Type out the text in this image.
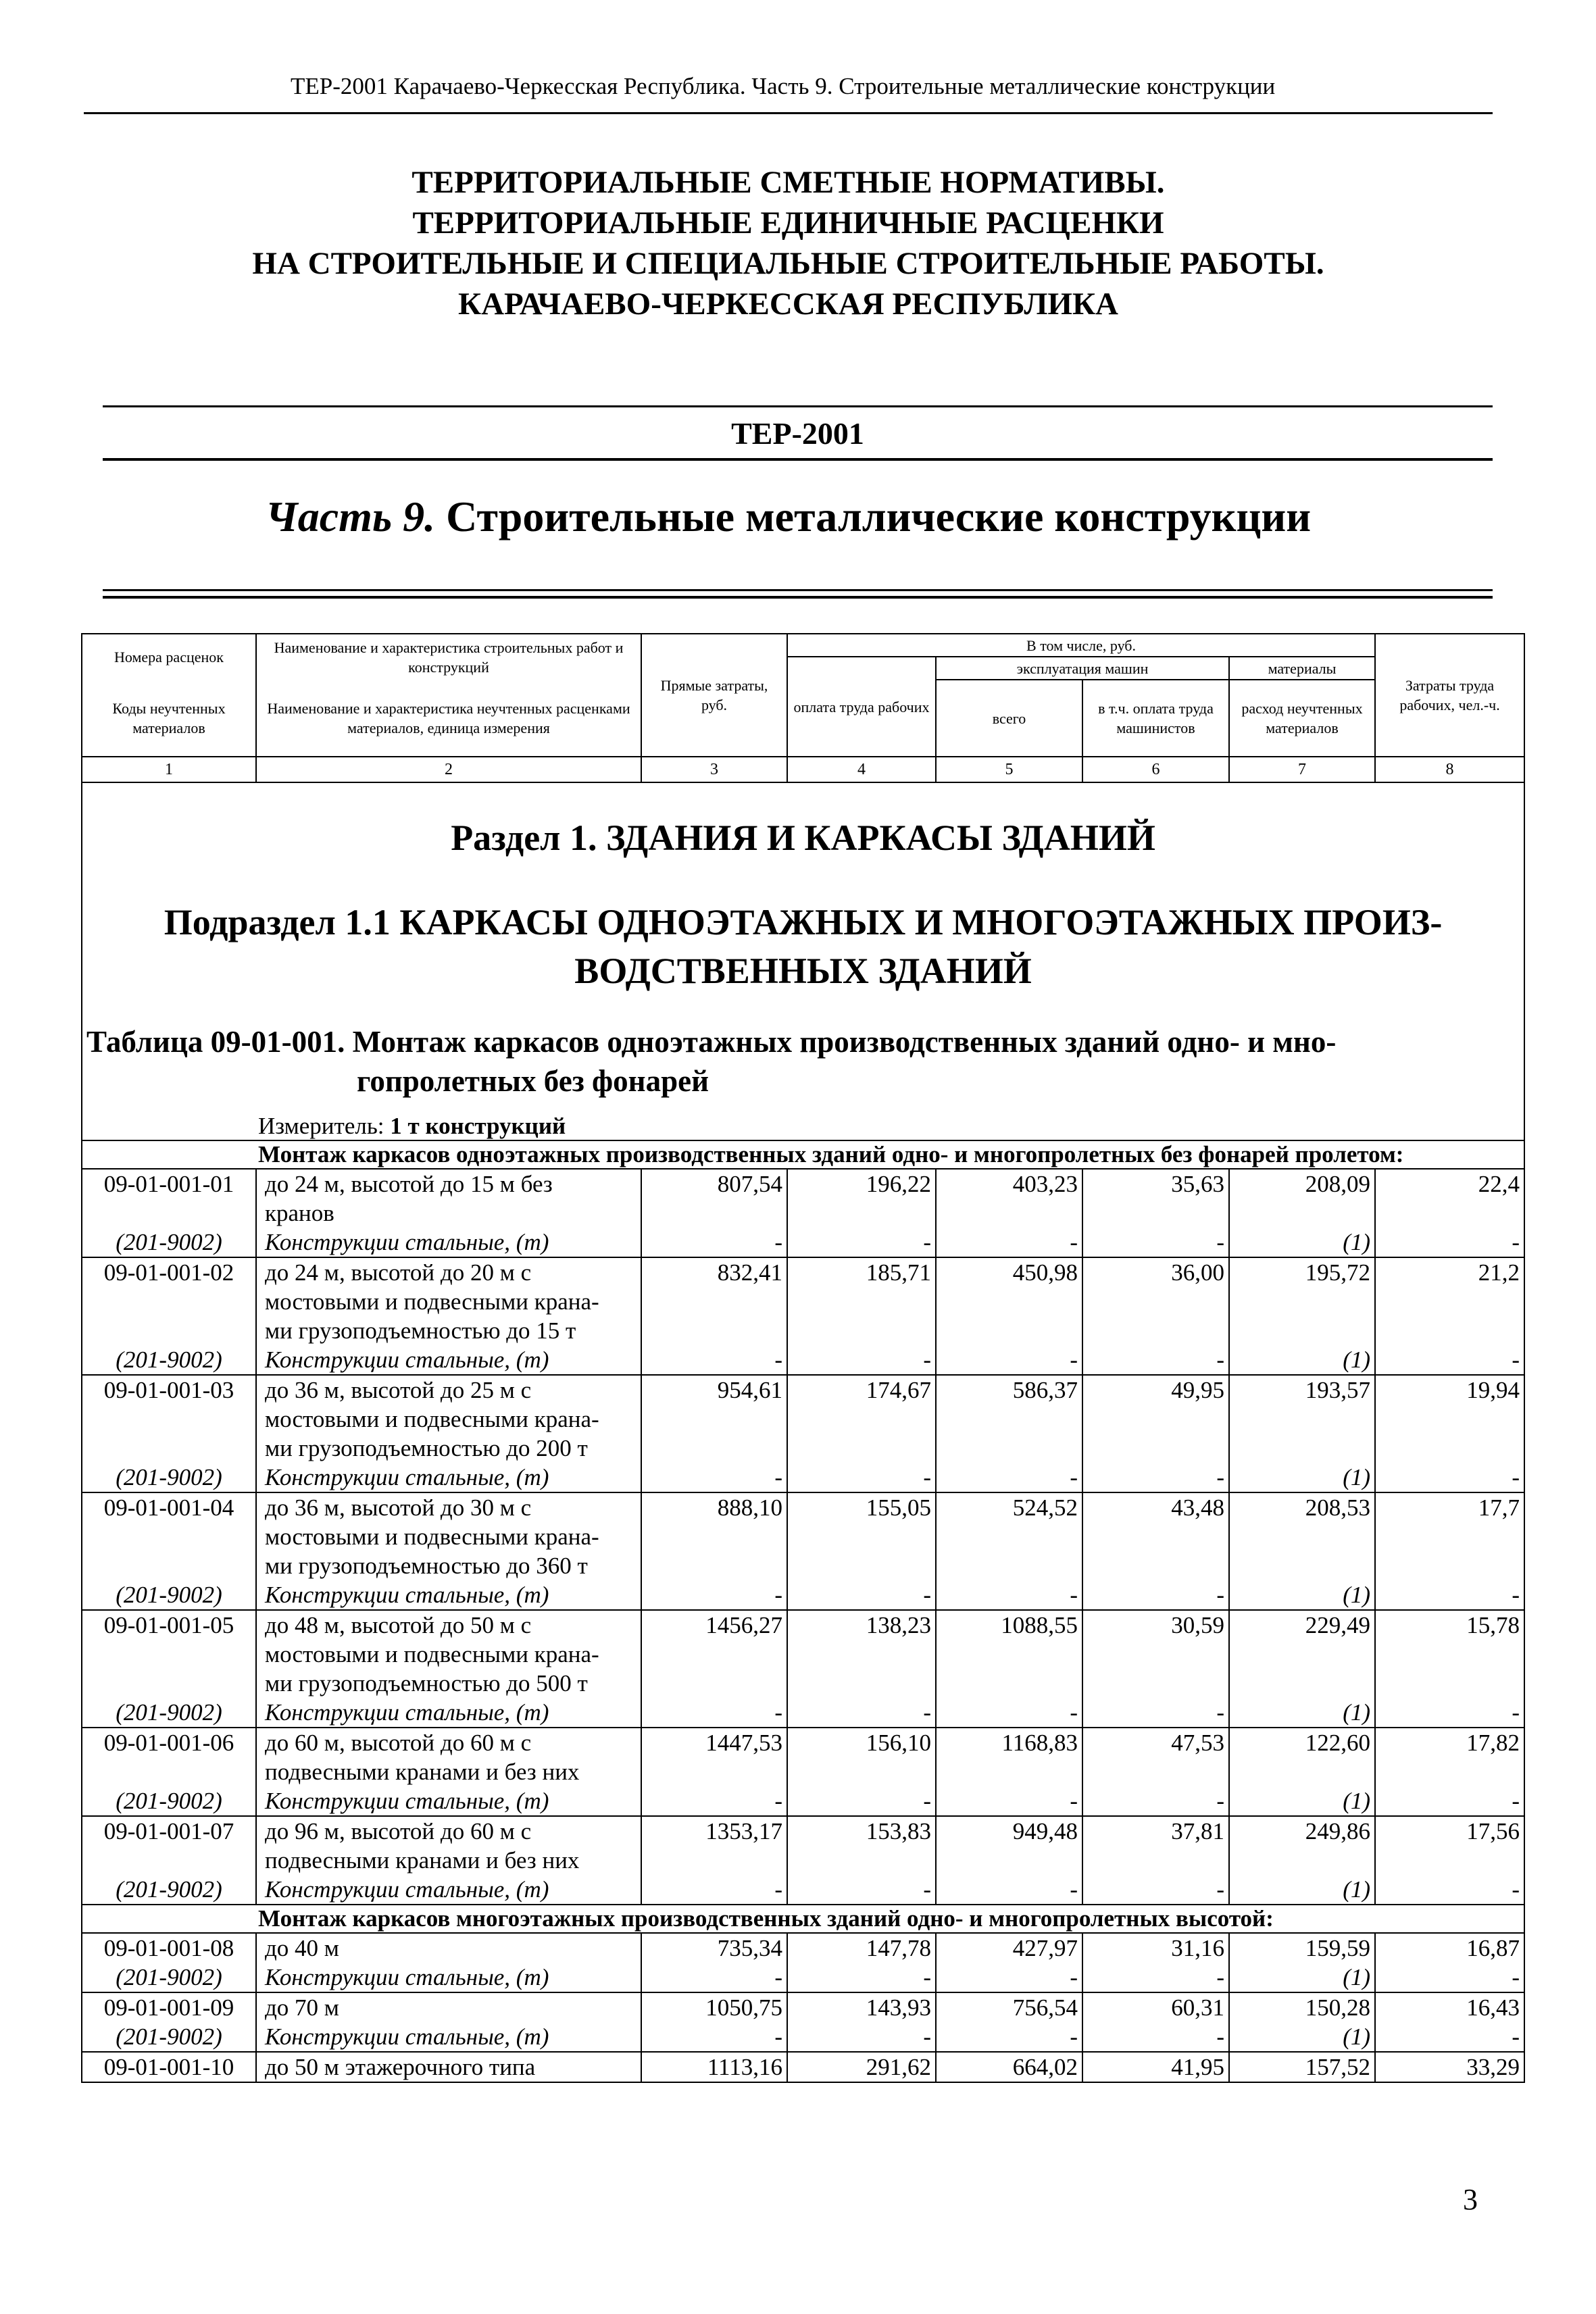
ТЕР-2001 Карачаево-Черкесская Республика. Часть 9. Строительные металлические конструкции
ТЕРРИТОРИАЛЬНЫЕ СМЕТНЫЕ НОРМАТИВЫ.
ТЕРРИТОРИАЛЬНЫЕ ЕДИНИЧНЫЕ РАСЦЕНКИ
НА СТРОИТЕЛЬНЫЕ И СПЕЦИАЛЬНЫЕ СТРОИТЕЛЬНЫЕ РАБОТЫ.
КАРАЧАЕВО-ЧЕРКЕССКАЯ РЕСПУБЛИКА
ТЕР-2001
Часть 9. Строительные металлические конструкции
Номера расценок	Наименование и характеристика строительных работ и конструкций	Прямые затраты, руб.	В том числе, руб.				Затраты труда рабочих, чел.-ч.
			оплата труда рабочих	эксплуатация машин		материалы	
Коды неучтенных материалов	Наименование и характеристика неучтенных расценками материалов, единица измерения			всего	в т.ч. оплата труда машинистов	расход неучтенных материалов	

1	2	3	4	5	6	7	8
Раздел 1. ЗДАНИЯ И КАРКАСЫ ЗДАНИЙ							

Подраздел 1.1 КАРКАСЫ ОДНОЭТАЖНЫХ И МНОГОЭТАЖНЫХ ПРОИЗ-
ВОДСТВЕННЫХ ЗДАНИЙ							

Таблица 09-01-001. Монтаж каркасов одноэтажных производственных зданий одно- и мно-
гопролетных без фонарей							

Измеритель: 1 т конструкций							
Монтаж каркасов одноэтажных производственных зданий одно- и многопролетных без фонарей пролетом:							
09-01-001-01	до 24 м, высотой до 15 м без	807,54	196,22	403,23	35,63	208,09	22,4
	кранов						
(201-9002)	Конструкции стальные, (т)	-	-	-	-	(1)	-
09-01-001-02	до 24 м, высотой до 20 м с	832,41	185,71	450,98	36,00	195,72	21,2
	мостовыми и подвесными крана-						
	ми грузоподъемностью до 15 т						
(201-9002)	Конструкции стальные, (т)	-	-	-	-	(1)	-
09-01-001-03	до 36 м, высотой до 25 м с	954,61	174,67	586,37	49,95	193,57	19,94
	мостовыми и подвесными крана-						
	ми грузоподъемностью до 200 т						
(201-9002)	Конструкции стальные, (т)	-	-	-	-	(1)	-
09-01-001-04	до 36 м, высотой до 30 м с	888,10	155,05	524,52	43,48	208,53	17,7
	мостовыми и подвесными крана-						
	ми грузоподъемностью до 360 т						
(201-9002)	Конструкции стальные, (т)	-	-	-	-	(1)	-
09-01-001-05	до 48 м, высотой до 50 м с	1456,27	138,23	1088,55	30,59	229,49	15,78
	мостовыми и подвесными крана-						
	ми грузоподъемностью до 500 т						
(201-9002)	Конструкции стальные, (т)	-	-	-	-	(1)	-
09-01-001-06	до 60 м, высотой до 60 м с	1447,53	156,10	1168,83	47,53	122,60	17,82
	подвесными кранами и без них						
(201-9002)	Конструкции стальные, (т)	-	-	-	-	(1)	-
09-01-001-07	до 96 м, высотой до 60 м с	1353,17	153,83	949,48	37,81	249,86	17,56
	подвесными кранами и без них						
(201-9002)	Конструкции стальные, (т)	-	-	-	-	(1)	-
Монтаж каркасов многоэтажных производственных зданий одно- и многопролетных высотой:							
09-01-001-08	до 40 м	735,34	147,78	427,97	31,16	159,59	16,87
(201-9002)	Конструкции стальные, (т)	-	-	-	-	(1)	-
09-01-001-09	до 70 м	1050,75	143,93	756,54	60,31	150,28	16,43
(201-9002)	Конструкции стальные, (т)	-	-	-	-	(1)	-
09-01-001-10	до 50 м этажерочного типа	1113,16	291,62	664,02	41,95	157,52	33,29
3
